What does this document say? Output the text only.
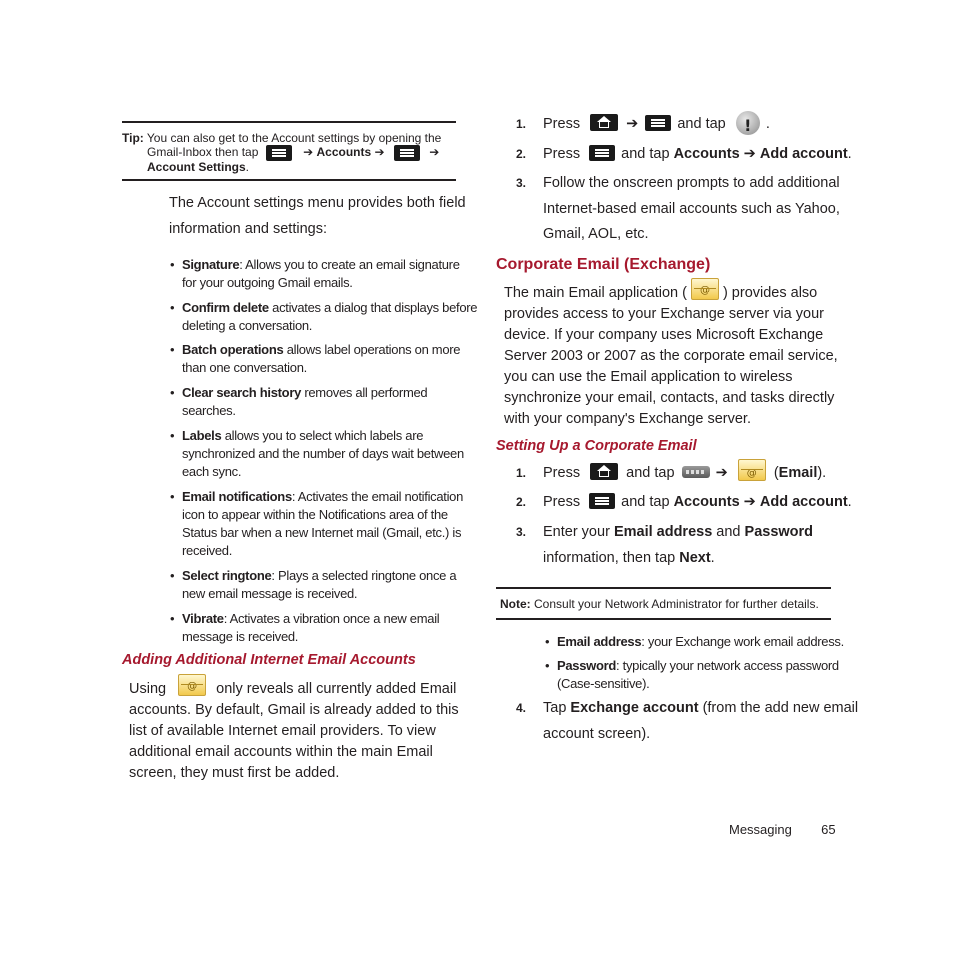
Tip: You can also get to the Account settings by opening the
Gmail-Inbox then tap	➔ Accounts ➔	➔
Account Settings.
The Account settings menu provides both field
information and settings:
• Signature: Allows you to create an email signature
for your outgoing Gmail emails.
• Confirm delete activates a dialog that displays before
deleting a conversation.
• Batch operations allows label operations on more
than one conversation.
• Clear search history removes all performed
searches.
• Labels allows you to select which labels are
synchronized and the number of days wait between
each sync.
• Email notifications: Activates the email notification
icon to appear within the Notifications area of the
Status bar when a new Internet mail (Gmail, etc.) is
received.
• Select ringtone: Plays a selected ringtone once a
new email message is received.
• Vibrate: Activates a vibration once a new email
message is received.
Adding Additional Internet Email Accounts
Using @	only reveals all currently added Email
accounts. By default, Gmail is already added to this
list of available Internet email providers. To view
additional email accounts within the main Email
screen, they must first be added.
1. Press	➔	and tap !	.
2. Press	and tap Accounts ➔ Add account.
3. Follow the onscreen prompts to add additional
Internet-based email accounts such as Yahoo,
Gmail, AOL, etc.
Corporate Email (Exchange)
The main Email application ( @ ) provides also
provides access to your Exchange server via your
device. If your company uses Microsoft Exchange
Server 2003 or 2007 as the corporate email service,
you can use the Email application to wireless
synchronize your email, contacts, and tasks directly
with your company's Exchange server.
Setting Up a Corporate Email
1. Press	and tap	➔ @	(Email).
2. Press	and tap Accounts ➔ Add account.
3. Enter your Email address and Password
information, then tap Next.
Note: Consult your Network Administrator for further details.
• Email address: your Exchange work email address.
• Password: typically your network access password
(Case-sensitive).
4. Tap Exchange account (from the add new email
account screen).
Messaging 65
